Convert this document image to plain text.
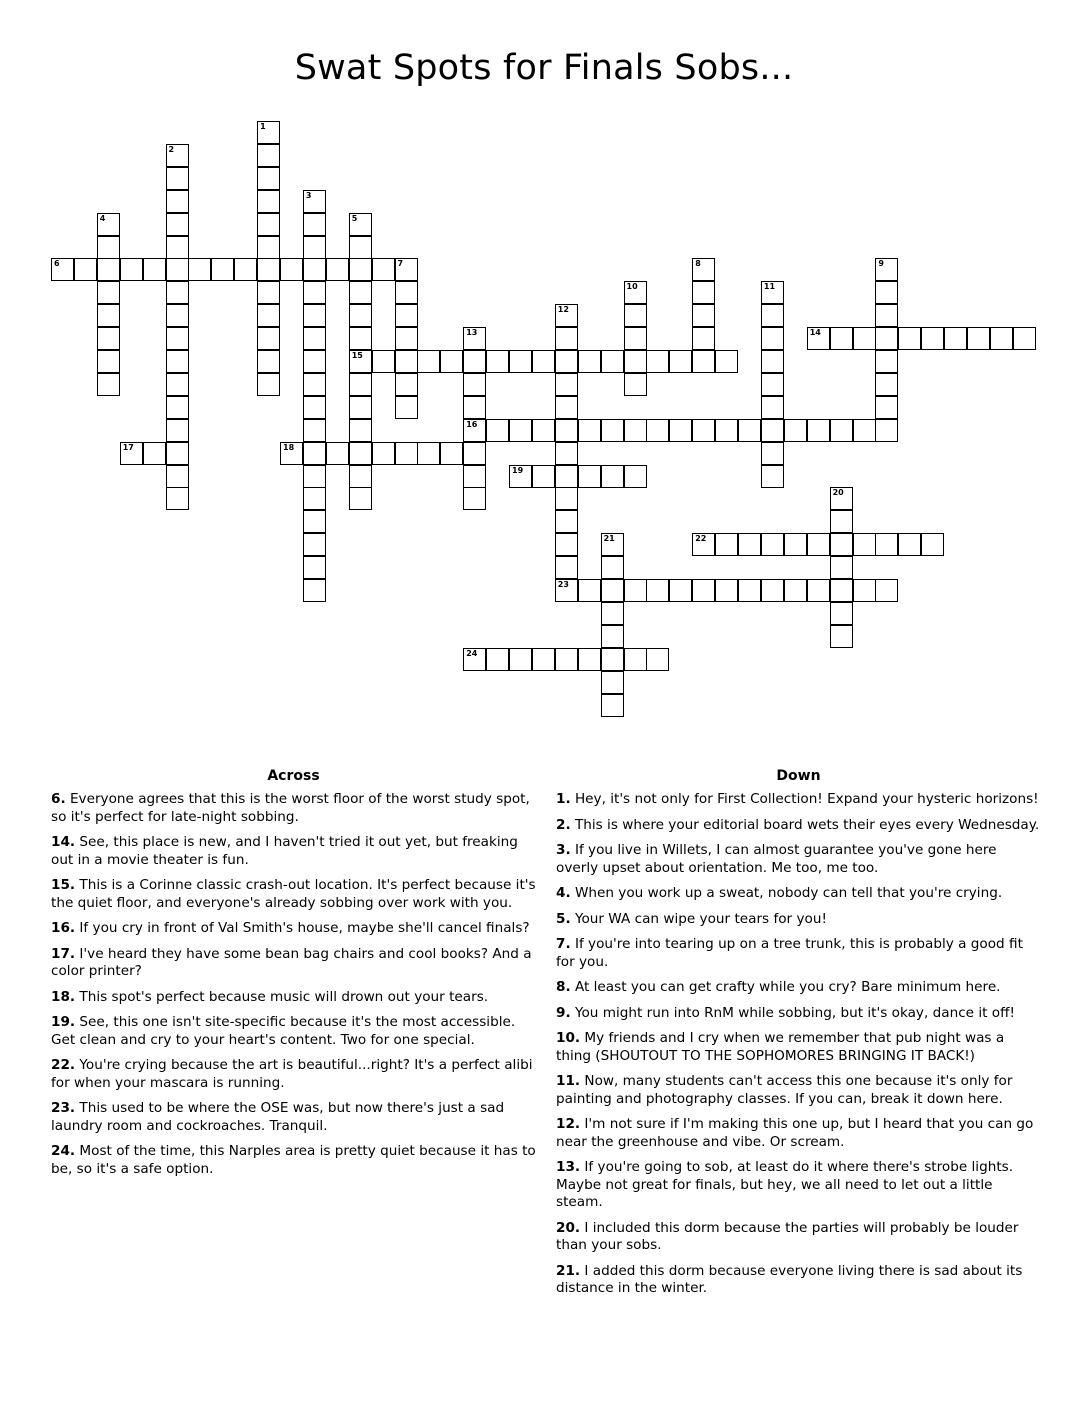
Swat Spots for Finals Sobs...
6	7
14
15
16
17	18
19
22
23
24
1
2
3
4	5
8	9
10	11
12
13
20
21
Across
6. Everyone agrees that this is the worst floor of the worst study spot, so it's perfect for late-night sobbing.
14. See, this place is new, and I haven't tried it out yet, but freaking out in a movie theater is fun.
15. This is a Corinne classic crash-out location. It's perfect because it's the quiet floor, and everyone's already sobbing over work with you.
16. If you cry in front of Val Smith's house, maybe she'll cancel finals?
17. I've heard they have some bean bag chairs and cool books? And a color printer?
18. This spot's perfect because music will drown out your tears.
19. See, this one isn't site-specific because it's the most accessible. Get clean and cry to your heart's content. Two for one special.
22. You're crying because the art is beautiful...right? It's a perfect alibi for when your mascara is running.
23. This used to be where the OSE was, but now there's just a sad laundry room and cockroaches. Tranquil.
24. Most of the time, this Narples area is pretty quiet because it has to be, so it's a safe option.
Down
1. Hey, it's not only for First Collection! Expand your hysteric horizons!
2. This is where your editorial board wets their eyes every Wednesday.
3. If you live in Willets, I can almost guarantee you've gone here overly upset about orientation. Me too, me too.
4. When you work up a sweat, nobody can tell that you're crying.
5. Your WA can wipe your tears for you!
7. If you're into tearing up on a tree trunk, this is probably a good fit for you.
8. At least you can get crafty while you cry? Bare minimum here.
9. You might run into RnM while sobbing, but it's okay, dance it off!
10. My friends and I cry when we remember that pub night was a thing (SHOUTOUT TO THE SOPHOMORES BRINGING IT BACK!)
11. Now, many students can't access this one because it's only for painting and photography classes. If you can, break it down here.
12. I'm not sure if I'm making this one up, but I heard that you can go near the greenhouse and vibe. Or scream.
13. If you're going to sob, at least do it where there's strobe lights. Maybe not great for finals, but hey, we all need to let out a little steam.
20. I included this dorm because the parties will probably be louder than your sobs.
21. I added this dorm because everyone living there is sad about its distance in the winter.
